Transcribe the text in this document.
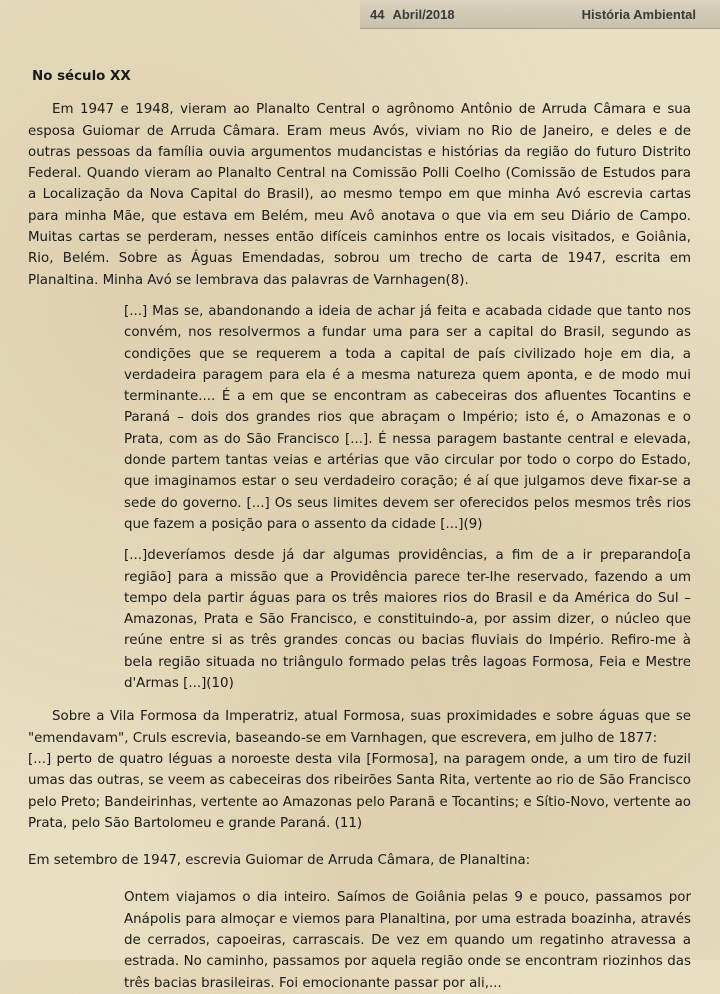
44 Abril/2018	História Ambiental
No século XX

Em 1947 e 1948, vieram ao Planalto Central o agrônomo Antônio de Arruda Câmara e sua esposa Guiomar de Arruda Câmara. Eram meus Avós, viviam no Rio de Janeiro, e deles e de outras pessoas da família ouvia argumentos mudancistas e histórias da região do futuro Distrito Federal. Quando vieram ao Planalto Central na Comissão Polli Coelho (Comissão de Estudos para a Localização da Nova Capital do Brasil), ao mesmo tempo em que minha Avó escrevia cartas para minha Mãe, que estava em Belém, meu Avô anotava o que via em seu Diário de Campo. Muitas cartas se perderam, nesses então difíceis caminhos entre os locais visitados, e Goiânia, Rio, Belém. Sobre as Águas Emendadas, sobrou um trecho de carta de 1947, escrita em Planaltina. Minha Avó se lembrava das palavras de Varnhagen(8).

[...] Mas se, abandonando a ideia de achar já feita e acabada cidade que tanto nos convém, nos resolvermos a fundar uma para ser a capital do Brasil, segundo as condições que se requerem a toda a capital de país civilizado hoje em dia, a verdadeira paragem para ela é a mesma natureza quem aponta, e de modo mui terminante.... É a em que se encontram as cabeceiras dos afluentes Tocantins e Paraná – dois dos grandes rios que abraçam o Império; isto é, o Amazonas e o Prata, com as do São Francisco [...]. É nessa paragem bastante central e elevada, donde partem tantas veias e artérias que vão circular por todo o corpo do Estado, que imaginamos estar o seu verdadeiro coração; é aí que julgamos deve fixar-se a sede do governo. [...] Os seus limites devem ser oferecidos pelos mesmos três rios que fazem a posição para o assento da cidade [...](9)

[...]deveríamos desde já dar algumas providências, a fim de a ir preparando[a região] para a missão que a Providência parece ter-lhe reservado, fazendo a um tempo dela partir águas para os três maiores rios do Brasil e da América do Sul – Amazonas, Prata e São Francisco, e constituindo-a, por assim dizer, o núcleo que reúne entre si as três grandes concas ou bacias fluviais do Império. Refiro-me à bela região situada no triângulo formado pelas três lagoas Formosa, Feia e Mestre d'Armas [...](10)

Sobre a Vila Formosa da Imperatriz, atual Formosa, suas proximidades e sobre águas que se "emendavam", Cruls escrevia, baseando-se em Varnhagen, que escrevera, em julho de 1877:

[...] perto de quatro léguas a noroeste desta vila [Formosa], na paragem onde, a um tiro de fuzil umas das outras, se veem as cabeceiras dos ribeirões Santa Rita, vertente ao rio de São Francisco pelo Preto; Bandeirinhas, vertente ao Amazonas pelo Paranã e Tocantins; e Sítio-Novo, vertente ao Prata, pelo São Bartolomeu e grande Paraná. (11)

Em setembro de 1947, escrevia Guiomar de Arruda Câmara, de Planaltina:

Ontem viajamos o dia inteiro. Saímos de Goiânia pelas 9 e pouco, passamos por Anápolis para almoçar e viemos para Planaltina, por uma estrada boazinha, através de cerrados, capoeiras, carrascais. De vez em quando um regatinho atravessa a estrada. No caminho, passamos por aquela região onde se encontram riozinhos das três bacias brasileiras. Foi emocionante passar por ali,...
